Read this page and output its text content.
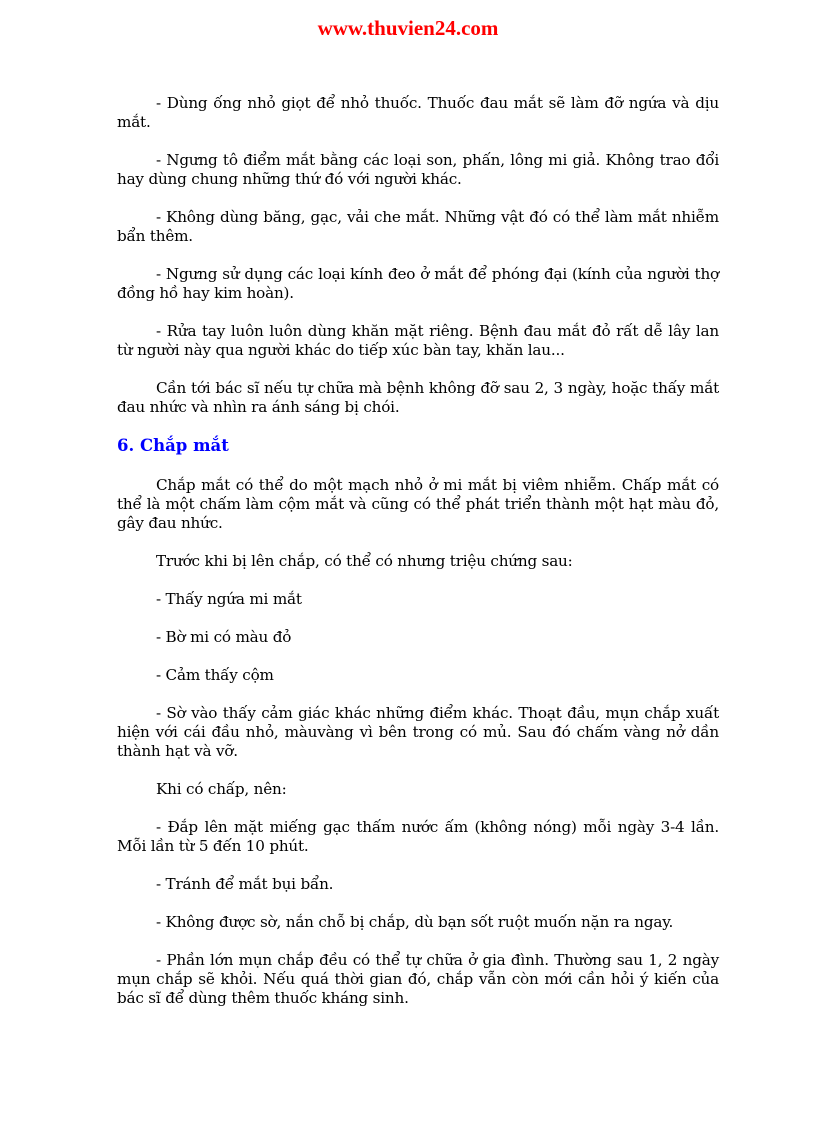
www.thuvien24.com

- Dùng ống nhỏ giọt để nhỏ thuốc. Thuốc đau mắt sẽ làm đỡ ngứa và dịu mắt.

- Ngưng tô điểm mắt bằng các loại son, phấn, lông mi giả. Không trao đổi hay dùng chung những thứ đó với người khác.

- Không dùng băng, gạc, vải che mắt. Những vật đó có thể làm mắt nhiễm bẩn thêm.

- Ngưng sử dụng các loại kính đeo ở mắt để phóng đại (kính của người thợ đồng hồ hay kim hoàn).

- Rửa tay luôn luôn dùng khăn mặt riêng. Bệnh đau mắt đỏ rất dễ lây lan từ người này qua người khác do tiếp xúc bàn tay, khăn lau...

Cần tới bác sĩ nếu tự chữa mà bệnh không đỡ sau 2, 3 ngày, hoặc thấy mắt đau nhức và nhìn ra ánh sáng bị chói.

6. Chắp mắt

Chắp mắt có thể do một mạch nhỏ ở mi mắt bị viêm nhiễm. Chấp mắt có thể là một chấm làm cộm mắt và cũng có thể phát triển thành một hạt màu đỏ, gây đau nhức.

Trước khi bị lên chắp, có thể có nhưng triệu chứng sau:

- Thấy ngứa mi mắt

- Bờ mi có màu đỏ

- Cảm thấy cộm

- Sờ vào thấy cảm giác khác những điểm khác. Thoạt đầu, mụn chắp xuất hiện với cái đầu nhỏ, màuvàng vì bên trong có mủ. Sau đó chấm vàng nở dần thành hạt và vỡ.

Khi có chấp, nên:

- Đắp lên mặt miếng gạc thấm nước ấm (không nóng) mỗi ngày 3-4 lần. Mỗi lần từ 5 đến 10 phút.

- Tránh để mắt bụi bẩn.

- Không được sờ, nắn chỗ bị chắp, dù bạn sốt ruột muốn nặn ra ngay.

- Phần lớn mụn chắp đều có thể tự chữa ở gia đình. Thường sau 1, 2 ngày mụn chắp sẽ khỏi. Nếu quá thời gian đó, chắp vẫn còn mới cần hỏi ý kiến của bác sĩ để dùng thêm thuốc kháng sinh.
